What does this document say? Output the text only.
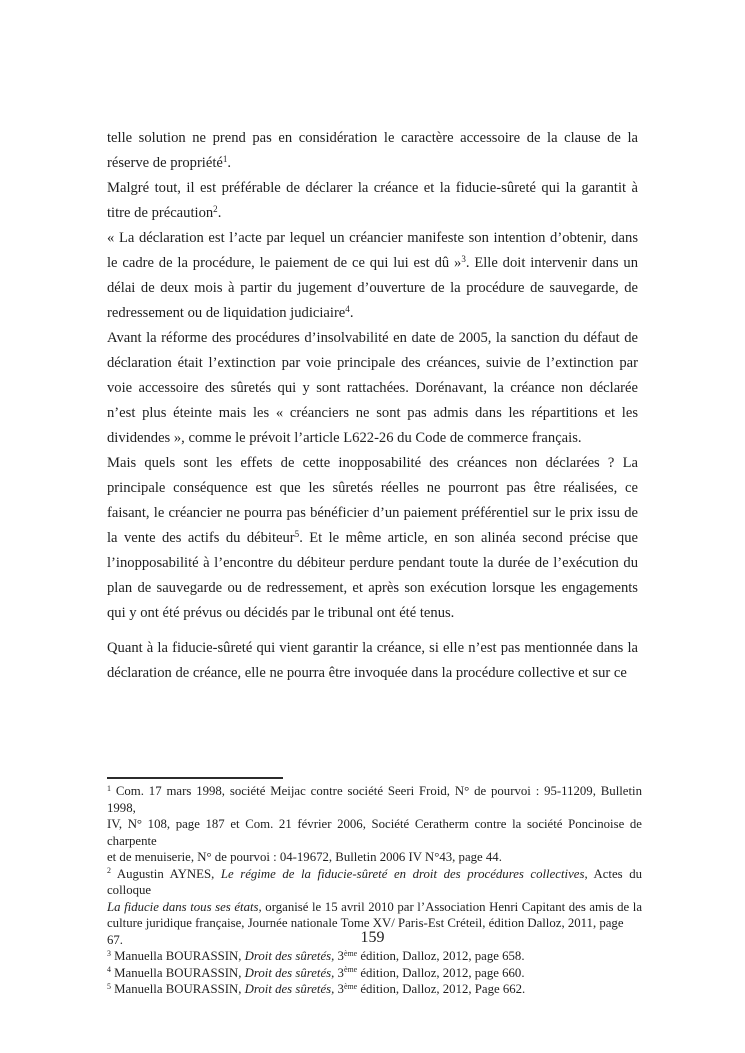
telle solution ne prend pas en considération le caractère accessoire de la clause de la
réserve de propriété$^1$.
Malgré tout, il est préférable de déclarer la créance et la fiducie-sûreté qui la garantit à
titre de précaution$^2$.
« La déclaration est l’acte par lequel un créancier manifeste son intention d’obtenir, dans
le cadre de la procédure, le paiement de ce qui lui est dû »$^3$. Elle doit intervenir dans un
délai de deux mois à partir du jugement d’ouverture de la procédure de sauvegarde, de
redressement ou de liquidation judiciaire$^4$.
Avant la réforme des procédures d’insolvabilité en date de 2005, la sanction du défaut de
déclaration était l’extinction par voie principale des créances, suivie de l’extinction par
voie accessoire des sûretés qui y sont rattachées. Dorénavant, la créance non déclarée
n’est plus éteinte mais les « créanciers ne sont pas admis dans les répartitions et les
dividendes », comme le prévoit l’article L622-26 du Code de commerce français.
Mais quels sont les effets de cette inopposabilité des créances non déclarées ? La
principale conséquence est que les sûretés réelles ne pourront pas être réalisées, ce
faisant, le créancier ne pourra pas bénéficier d’un paiement préférentiel sur le prix issu de
la vente des actifs du débiteur$^5$. Et le même article, en son alinéa second précise que
l’inopposabilité à l’encontre du débiteur perdure pendant toute la durée de l’exécution du
plan de sauvegarde ou de redressement, et après son exécution lorsque les engagements
qui y ont été prévus ou décidés par le tribunal ont été tenus.
Quant à la fiducie-sûreté qui vient garantir la créance, si elle n’est pas mentionnée dans la
déclaration de créance, elle ne pourra être invoquée dans la procédure collective et sur ce
$^1$ Com. 17 mars 1998, société Meijac contre société Seeri Froid, N° de pourvoi : 95-11209, Bulletin 1998,
IV, N° 108, page 187 et Com. 21 février 2006, Société Ceratherm contre la société Poncinoise de charpente
et de menuiserie, N° de pourvoi : 04-19672, Bulletin 2006 IV N°43, page 44.
$^2$ Augustin AYNES, Le régime de la fiducie-sûreté en droit des procédures collectives, Actes du colloque
La fiducie dans tous ses états, organisé le 15 avril 2010 par l’Association Henri Capitant des amis de la
culture juridique française, Journée nationale Tome XV/ Paris-Est Créteil, édition Dalloz, 2011, page 67.
$^3$ Manuella BOURASSIN, Droit des sûretés, 3ème édition, Dalloz, 2012, page 658.
$^4$ Manuella BOURASSIN, Droit des sûretés, 3ème édition, Dalloz, 2012, page 660.
$^5$ Manuella BOURASSIN, Droit des sûretés, 3ème édition, Dalloz, 2012, Page 662.
159
